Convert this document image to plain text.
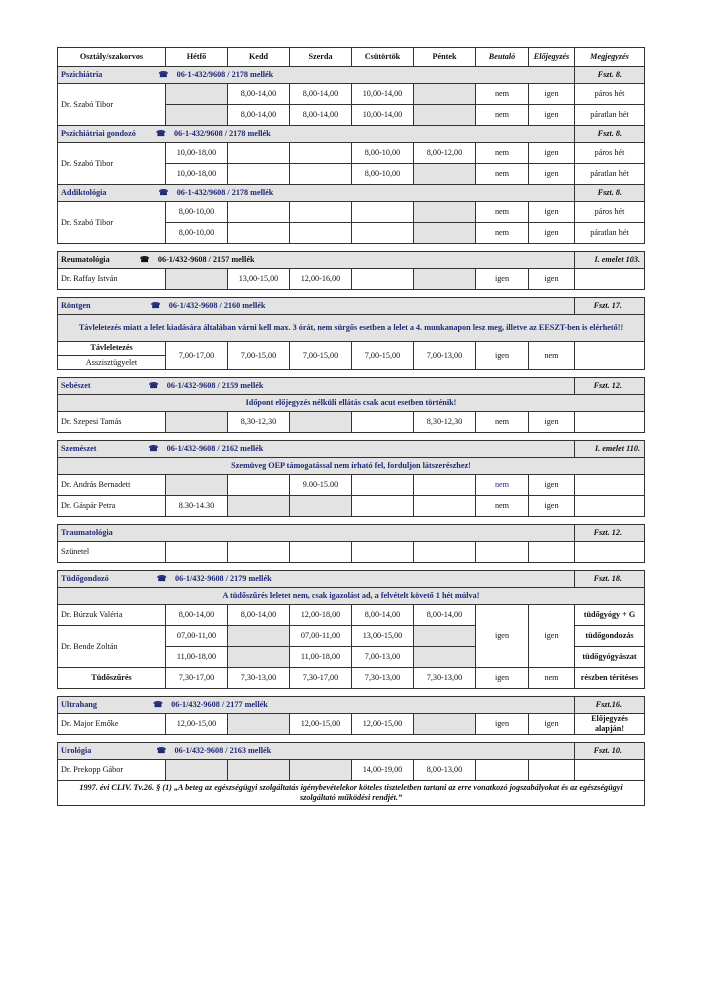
Osztály/szakorvos	Hétfő	Kedd	Szerda	Csütörtök	Péntek	Beutaló	Előjegyzés	Megjegyzés
Pszichiátria ☎ 06-1-432/9608 / 2178 mellék								Fszt. 8.
Dr. Szabó Tibor		8,00-14,00	8,00-14,00	10,00-14,00		nem	igen	páros hét
		8,00-14,00	8,00-14,00	10,00-14,00		nem	igen	páratlan hét
Pszichiátriai gondozó ☎ 06-1-432/9608 / 2178 mellék								Fszt. 8.
Dr. Szabó Tibor	10,00-18,00			8,00-10,00	8,00-12,00	nem	igen	páros hét
	10,00-18,00			8,00-10,00		nem	igen	páratlan hét
Addiktológia ☎ 06-1-432/9608 / 2178 mellék								Fszt. 8.
Dr. Szabó Tibor	8,00-10,00					nem	igen	páros hét
	8,00-10,00					nem	igen	páratlan hét

Reumatológia ☎ 06-1/432-9608 / 2157 mellék								I. emelet 103.
Dr. Raffay István		13,00-15,00	12,00-16,00			igen	igen	

Röntgen ☎ 06-1/432-9608 / 2160 mellék								Fszt. 17.
Távleletezés miatt a lelet kiadására általában várni kell max. 3 órát, nem sürgős esetben a lelet a 4. munkanapon lesz meg, illetve az EESZT-ben is elérhető!!								

Távleletezés
Asszisztügyelet	7,00-17,00	7,00-15,00	7,00-15,00	7,00-15,00	7,00-13,00	igen	nem	

Sebészet ☎ 06-1/432-9608 / 2159 mellék								Fszt. 12.
Időpont előjegyzés nélküli ellátás csak acut esetben történik!								
Dr. Szepesi Tamás		8,30-12,30			8,30-12,30	nem	igen	

Szemészet ☎ 06-1/432-9608 / 2162 mellék								I. emelet 110.
Szemüveg OEP támogatással nem írható fel, forduljon látszerészhez!								
Dr. András Bernadett			9.00-15.00			nem	igen	
Dr. Gáspár Petra	8.30-14.30					nem	igen	

Traumatológia								Fszt. 12.
Szünetel								

Tüdőgondozó ☎ 06-1/432-9608 / 2179 mellék								Fszt. 18.
A tüdőszűrés leletet nem, csak igazolást ad, a felvételt követő 1 hét múlva!								
Dr. Búrzuk Valéria	8,00-14,00	8,00-14,00	12,00-18,00	8,00-14,00	8,00-14,00	igen	igen	tüdőgyógy + G
Dr. Bende Zoltán	07,00-11,00		07,00-11,00	13,00-15,00				tüdőgondozás
	11,00-18,00		11,00-18,00	7,00-13,00				tüdőgyógyászat
Tüdőszűrés	7,30-17,00	7,30-13,00	7,30-17,00	7,30-13,00	7,30-13,00	igen	nem	részben térítéses

Ultrahang ☎ 06-1/432-9608 / 2177 mellék								Fszt.16.
Dr. Major Emőke	12,00-15,00		12,00-15,00	12,00-15,00		igen	igen	Előjegyzés alapján!

Urológia ☎ 06-1/432-9608 / 2163 mellék								Fszt. 10.
Dr. Prekopp Gábor				14,00-19,00	8,00-13,00			
1997. évi CLIV. Tv.26. § (1) „A beteg az egészségügyi szolgáltatás igénybevételekor köteles tiszteletben tartani az erre vonatkozó jogszabályokat és az egészségügyi szolgáltató működési rendjét.”								
